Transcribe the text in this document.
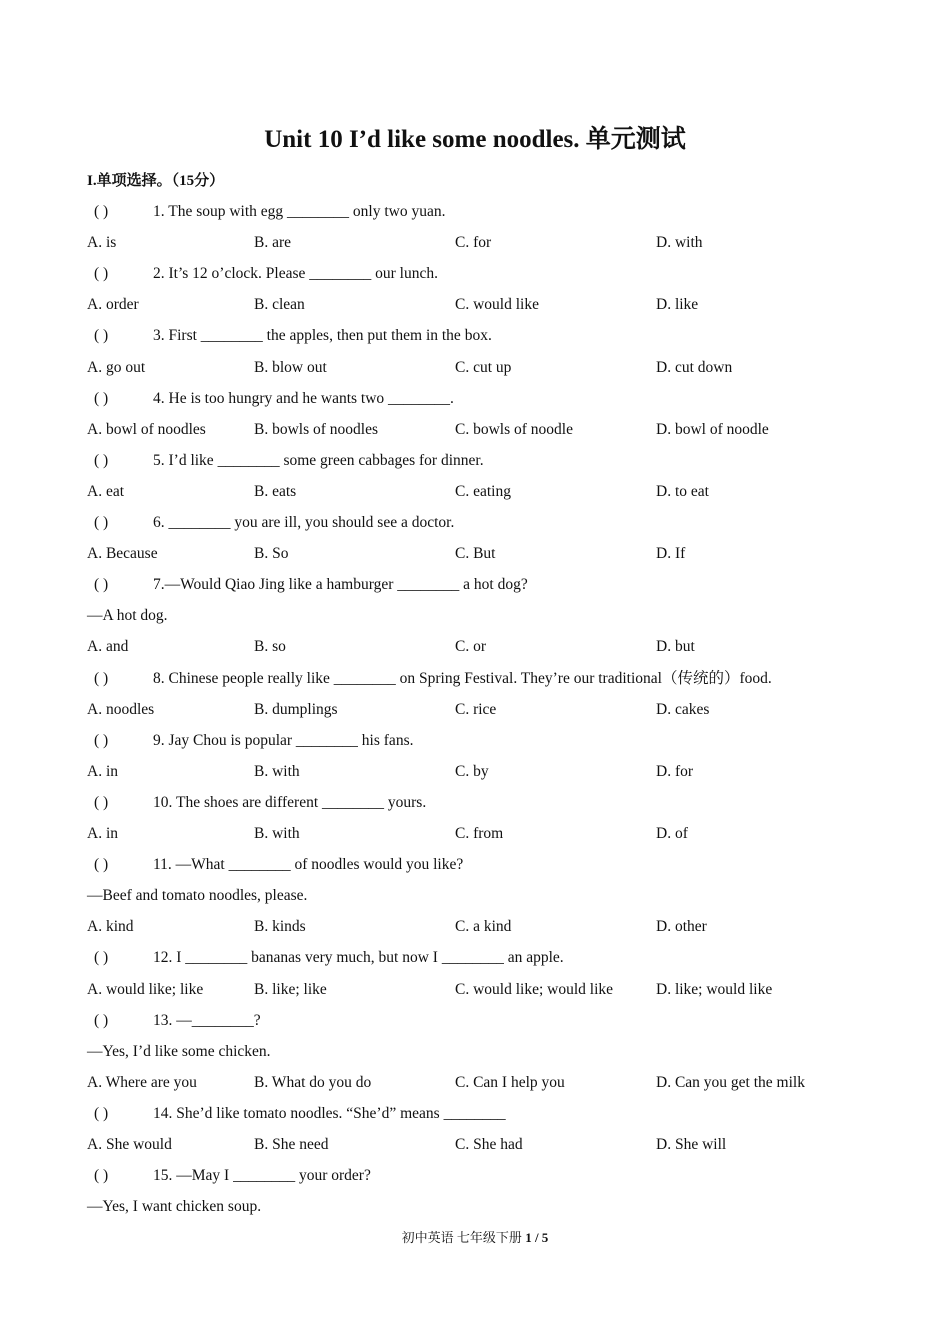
Unit 10 I’d like some noodles. 单元测试
I.单项选择。（15分）
( )	1. The soup with egg ________ only two yuan.
A. is	B. are	C. for	D. with
( )	2. It’s 12 o’clock. Please ________ our lunch.
A. order	B. clean	C. would like	D. like
( )	3. First ________ the apples, then put them in the box.
A. go out	B. blow out	C. cut up	D. cut down
( )	4. He is too hungry and he wants two ________.
A. bowl of noodles	B. bowls of noodles	C. bowls of noodle	D. bowl of noodle
( )	5. I’d like ________ some green cabbages for dinner.
A. eat	B. eats	C. eating	D. to eat
( )	6. ________ you are ill, you should see a doctor.
A. Because	B. So	C. But	D. If
( )	7.—Would Qiao Jing like a hamburger ________ a hot dog?
—A hot dog.
A. and	B. so	C. or	D. but
( )	8. Chinese people really like ________ on Spring Festival. They’re our traditional（传统的）food.
A. noodles	B. dumplings	C. rice	D. cakes
( )	9. Jay Chou is popular ________ his fans.
A. in	B. with	C. by	D. for
( )	10. The shoes are different ________ yours.
A. in	B. with	C. from	D. of
( )	11. —What ________ of noodles would you like?
—Beef and tomato noodles, please.
A. kind	B. kinds	C. a kind	D. other
( )	12. I ________ bananas very much, but now I ________ an apple.
A. would like; like	B. like; like	C. would like; would like	D. like; would like
( )	13. —________?
—Yes, I’d like some chicken.
A. Where are you	B. What do you do	C. Can I help you	D. Can you get the milk
( )	14. She’d like tomato noodles. “She’d” means ________
A. She would	B. She need	C. She had	D. She will
( )	15. —May I ________ your order?
—Yes, I want chicken soup.
初中英语 七年级下册 1 / 5
